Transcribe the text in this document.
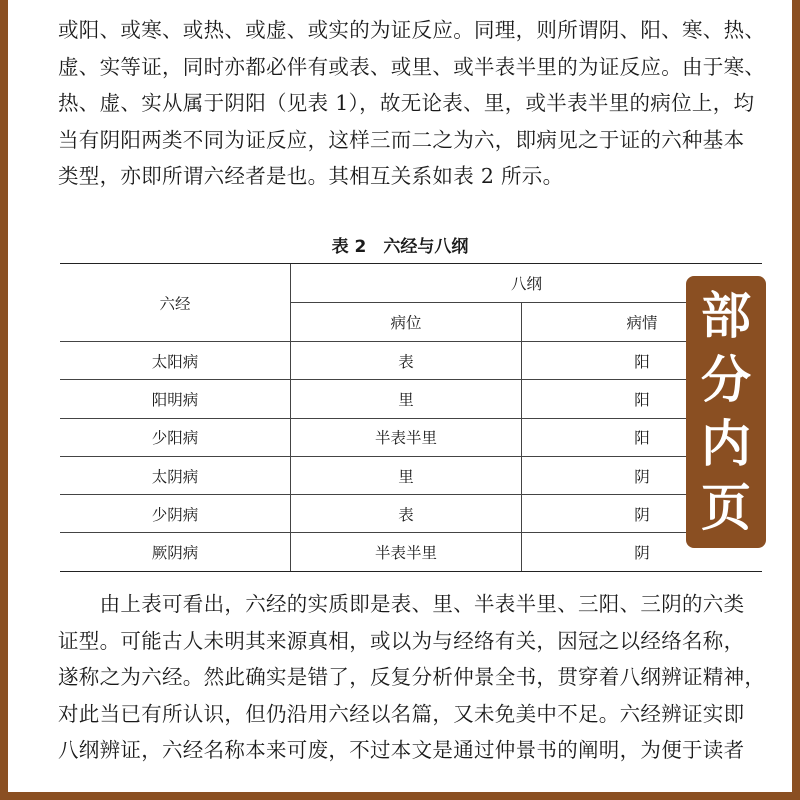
或阳、或寒、或热、或虚、或实的为证反应。同理，则所谓阴、阳、寒、热、
虚、实等证，同时亦都必伴有或表、或里、或半表半里的为证反应。由于寒、
热、虚、实从属于阴阳（见表 1），故无论表、里，或半表半里的病位上，均
当有阴阳两类不同为证反应，这样三而二之为六，即病见之于证的六种基本
类型，亦即所谓六经者是也。其相互关系如表 2 所示。
表 2　六经与八纲
六经	八纲	
	病位	病情
太阳病	表	阳
阳明病	里	阳
少阳病	半表半里	阳
太阴病	里	阴
少阴病	表	阴
厥阴病	半表半里	阴
部
分
内
页
　　由上表可看出，六经的实质即是表、里、半表半里、三阳、三阴的六类
证型。可能古人未明其来源真相，或以为与经络有关，因冠之以经络名称，
遂称之为六经。然此确实是错了，反复分析仲景全书，贯穿着八纲辨证精神，
对此当已有所认识，但仍沿用六经以名篇，又未免美中不足。六经辨证实即
八纲辨证，六经名称本来可废，不过本文是通过仲景书的阐明，为便于读者
